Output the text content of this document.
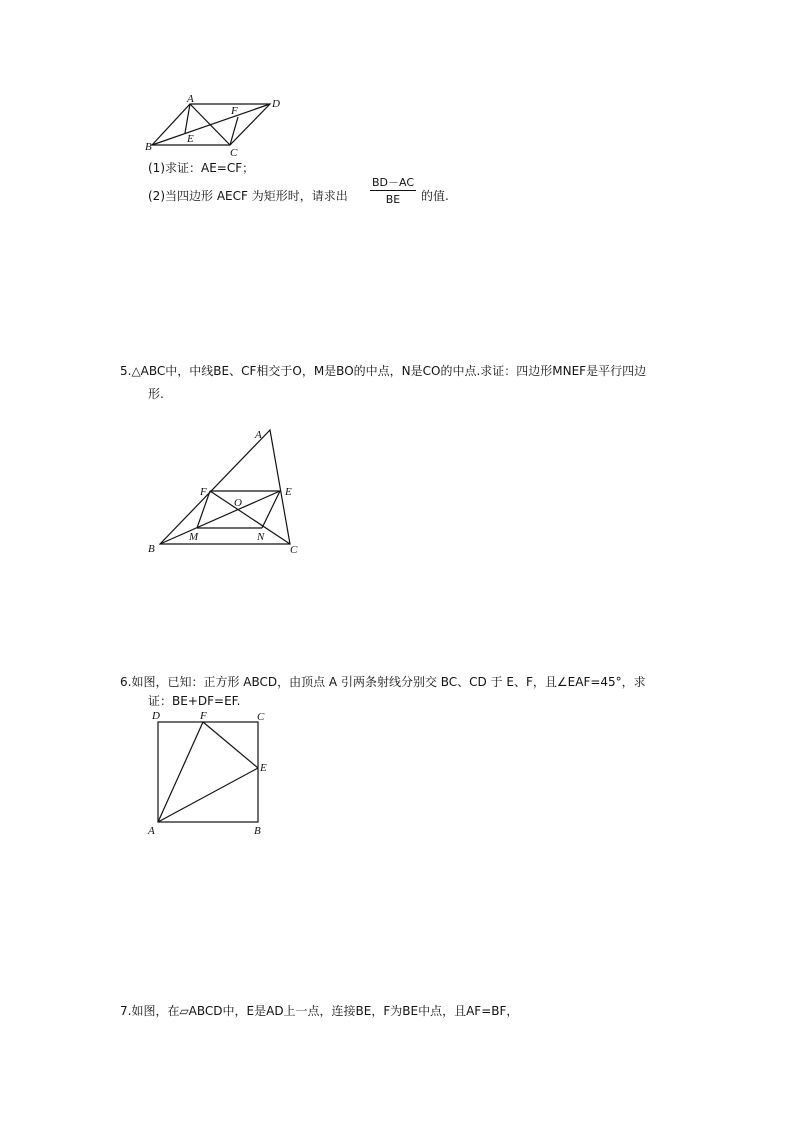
A
F
D
B
E
C
(1)求证：AE=CF；
(2)当四边形 AECF 为矩形时，请求出 $\frac{BD-AC}{BE}$ 的值.
5.△ABC中，中线BE、CF相交于O，M是BO的中点，N是CO的中点.求证：四边形MNEF是平行四边
形.
A
F	E
O
B
M	N
C
6.如图，已知：正方形 ABCD，由顶点 A 引两条射线分别交 BC、CD 于 E、F，且∠EAF=45°，求
证：BE+DF=EF.
D	F	C
E
A	B
7.如图，在▱ABCD中，E是AD上一点，连接BE，F为BE中点，且AF=BF，
